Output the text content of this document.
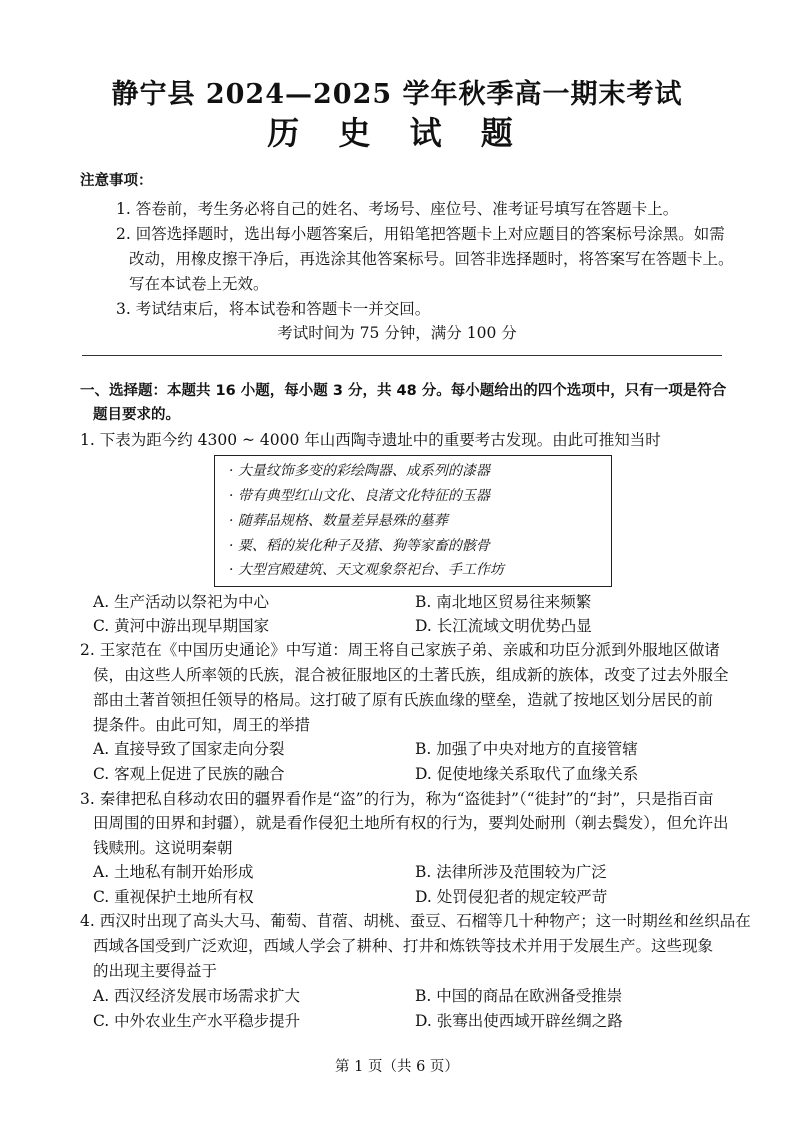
静宁县 2024—2025 学年秋季高一期末考试
历 史 试 题
注意事项：
1. 答卷前，考生务必将自己的姓名、考场号、座位号、准考证号填写在答题卡上。
2. 回答选择题时，选出每小题答案后，用铅笔把答题卡上对应题目的答案标号涂黑。如需
改动，用橡皮擦干净后，再选涂其他答案标号。回答非选择题时，将答案写在答题卡上。
写在本试卷上无效。
3. 考试结束后，将本试卷和答题卡一并交回。
考试时间为 75 分钟，满分 100 分
一、选择题：本题共 16 小题，每小题 3 分，共 48 分。每小题给出的四个选项中，只有一项是符合
题目要求的。
1. 下表为距今约 4300 ~ 4000 年山西陶寺遗址中的重要考古发现。由此可推知当时
· 大量纹饰多变的彩绘陶器、成系列的漆器
· 带有典型红山文化、良渚文化特征的玉器
· 随葬品规格、数量差异悬殊的墓葬
· 粟、稻的炭化种子及猪、狗等家畜的骸骨
· 大型宫殿建筑、天文观象祭祀台、手工作坊
A. 生产活动以祭祀为中心	B. 南北地区贸易往来频繁
C. 黄河中游出现早期国家	D. 长江流域文明优势凸显
2. 王家范在《中国历史通论》中写道：周王将自己家族子弟、亲戚和功臣分派到外服地区做诸
侯，由这些人所率领的氏族，混合被征服地区的土著氏族，组成新的族体，改变了过去外服全
部由土著首领担任领导的格局。这打破了原有氏族血缘的壁垒，造就了按地区划分居民的前
提条件。由此可知，周王的举措
A. 直接导致了国家走向分裂	B. 加强了中央对地方的直接管辖
C. 客观上促进了民族的融合	D. 促使地缘关系取代了血缘关系
3. 秦律把私自移动农田的疆界看作是“盗”的行为，称为“盗徙封”（“徙封”的“封”，只是指百亩
田周围的田界和封疆），就是看作侵犯土地所有权的行为，要判处耐刑（剃去鬓发），但允许出
钱赎刑。这说明秦朝
A. 土地私有制开始形成	B. 法律所涉及范围较为广泛
C. 重视保护土地所有权	D. 处罚侵犯者的规定较严苛
4. 西汉时出现了高头大马、葡萄、苜蓿、胡桃、蚕豆、石榴等几十种物产；这一时期丝和丝织品在
西域各国受到广泛欢迎，西域人学会了耕种、打井和炼铁等技术并用于发展生产。这些现象
的出现主要得益于
A. 西汉经济发展市场需求扩大	B. 中国的商品在欧洲备受推崇
C. 中外农业生产水平稳步提升	D. 张骞出使西域开辟丝绸之路
第 1 页（共 6 页）
